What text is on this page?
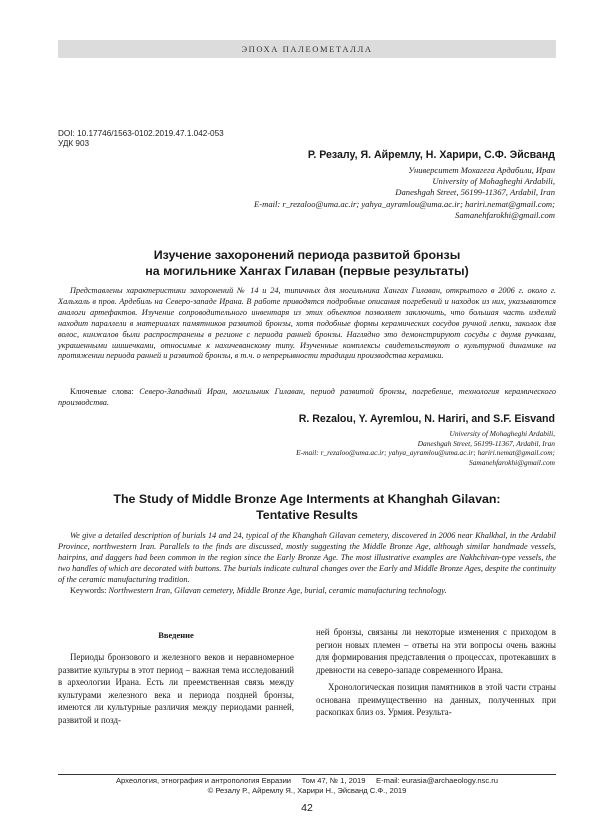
ЭПОХА ПАЛЕОМЕТАЛЛА
DOI: 10.17746/1563-0102.2019.47.1.042-053
УДК 903
Р. Резалу, Я. Айремлу, Н. Харири, С.Ф. Эйсванд
Университет Мохагега Ардабили, Иран
University of Mohagheghi Ardabili,
Daneshgah Street, 56199-11367, Ardabil, Iran
E-mail: r_rezaloo@uma.ac.ir; yahya_ayramlou@uma.ac.ir; hariri.nemat@gmail.com;
Samanehfarokhi@gmail.com
Изучение захоронений периода развитой бронзы
на могильнике Хангах Гилаван (первые результаты)
Представлены характеристики захоронений № 14 и 24, типичных для могильника Хангах Гилаван, открытого в 2006 г. около г. Хальхаль в пров. Ардебиль на Северо-западе Ирана. В работе приводятся подробные описания погребений и находок из них, указываются аналоги артефактов. Изучение сопроводительного инвентаря из этих объектов позволяет заключить, что большая часть изделий находит параллели в материалах памятников развитой бронзы, хотя подобные формы керамических сосудов ручной лепки, заколок для волос, кинжалов были распространены в регионе с периода ранней бронзы. Наглядно это демонстрируют сосуды с двумя ручками, украшенными шишечками, относимые к нахичеванскому типу. Изученные комплексы свидетельствуют о культурной динамике на протяжении периода ранней и развитой бронзы, в т.ч. о непрерывности традиции производства керамики.
Ключевые слова: Северо-Западный Иран, могильник Гилаван, период развитой бронзы, погребение, технология керамического производства.
R. Rezalou, Y. Ayremlou, N. Hariri, and S.F. Eisvand
University of Mohagheghi Ardabili,
Daneshgah Street, 56199-11367, Ardabil, Iran
E-mail: r_rezaloo@uma.ac.ir; yahya_ayramlou@uma.ac.ir; hariri.nemat@gmail.com;
Samanehfarokhi@gmail.com
The Study of Middle Bronze Age Interments at Khanghah Gilavan:
Tentative Results
We give a detailed description of burials 14 and 24, typical of the Khanghah Gilavan cemetery, discovered in 2006 near Khalkhal, in the Ardabil Province, northwestern Iran. Parallels to the finds are discussed, mostly suggesting the Middle Bronze Age, although similar handmade vessels, hairpins, and daggers had been common in the region since the Early Bronze Age. The most illustrative examples are Nakhchivan-type vessels, the two handles of which are decorated with buttons. The burials indicate cultural changes over the Early and Middle Bronze Ages, despite the continuity of the ceramic manufacturing tradition.
Keywords: Northwestern Iran, Gilavan cemetery, Middle Bronze Age, burial, ceramic manufacturing technology.
Введение

Периоды бронзового и железного веков и неравномерное развитие культуры в этот период – важная тема исследований в археологии Ирана. Есть ли преемственная связь между культурами железного века и периода поздней бронзы, имеются ли культурные различия между периодами ранней, развитой и позд-

ней бронзы, связаны ли некоторые изменения с приходом в регион новых племен – ответы на эти вопросы очень важны для формирования представления о процессах, протекавших в древности на северо-западе современного Ирана.

Хронологическая позиция памятников в этой части страны основана преимущественно на данных, полученных при раскопках близ оз. Урмия. Результа-

Археология, этнография и антропология Евразии Том 47, № 1, 2019 E-mail: eurasia@archaeology.nsc.ru
© Резалу Р., Айремлу Я., Харири Н., Эйсванд С.Ф., 2019
42
